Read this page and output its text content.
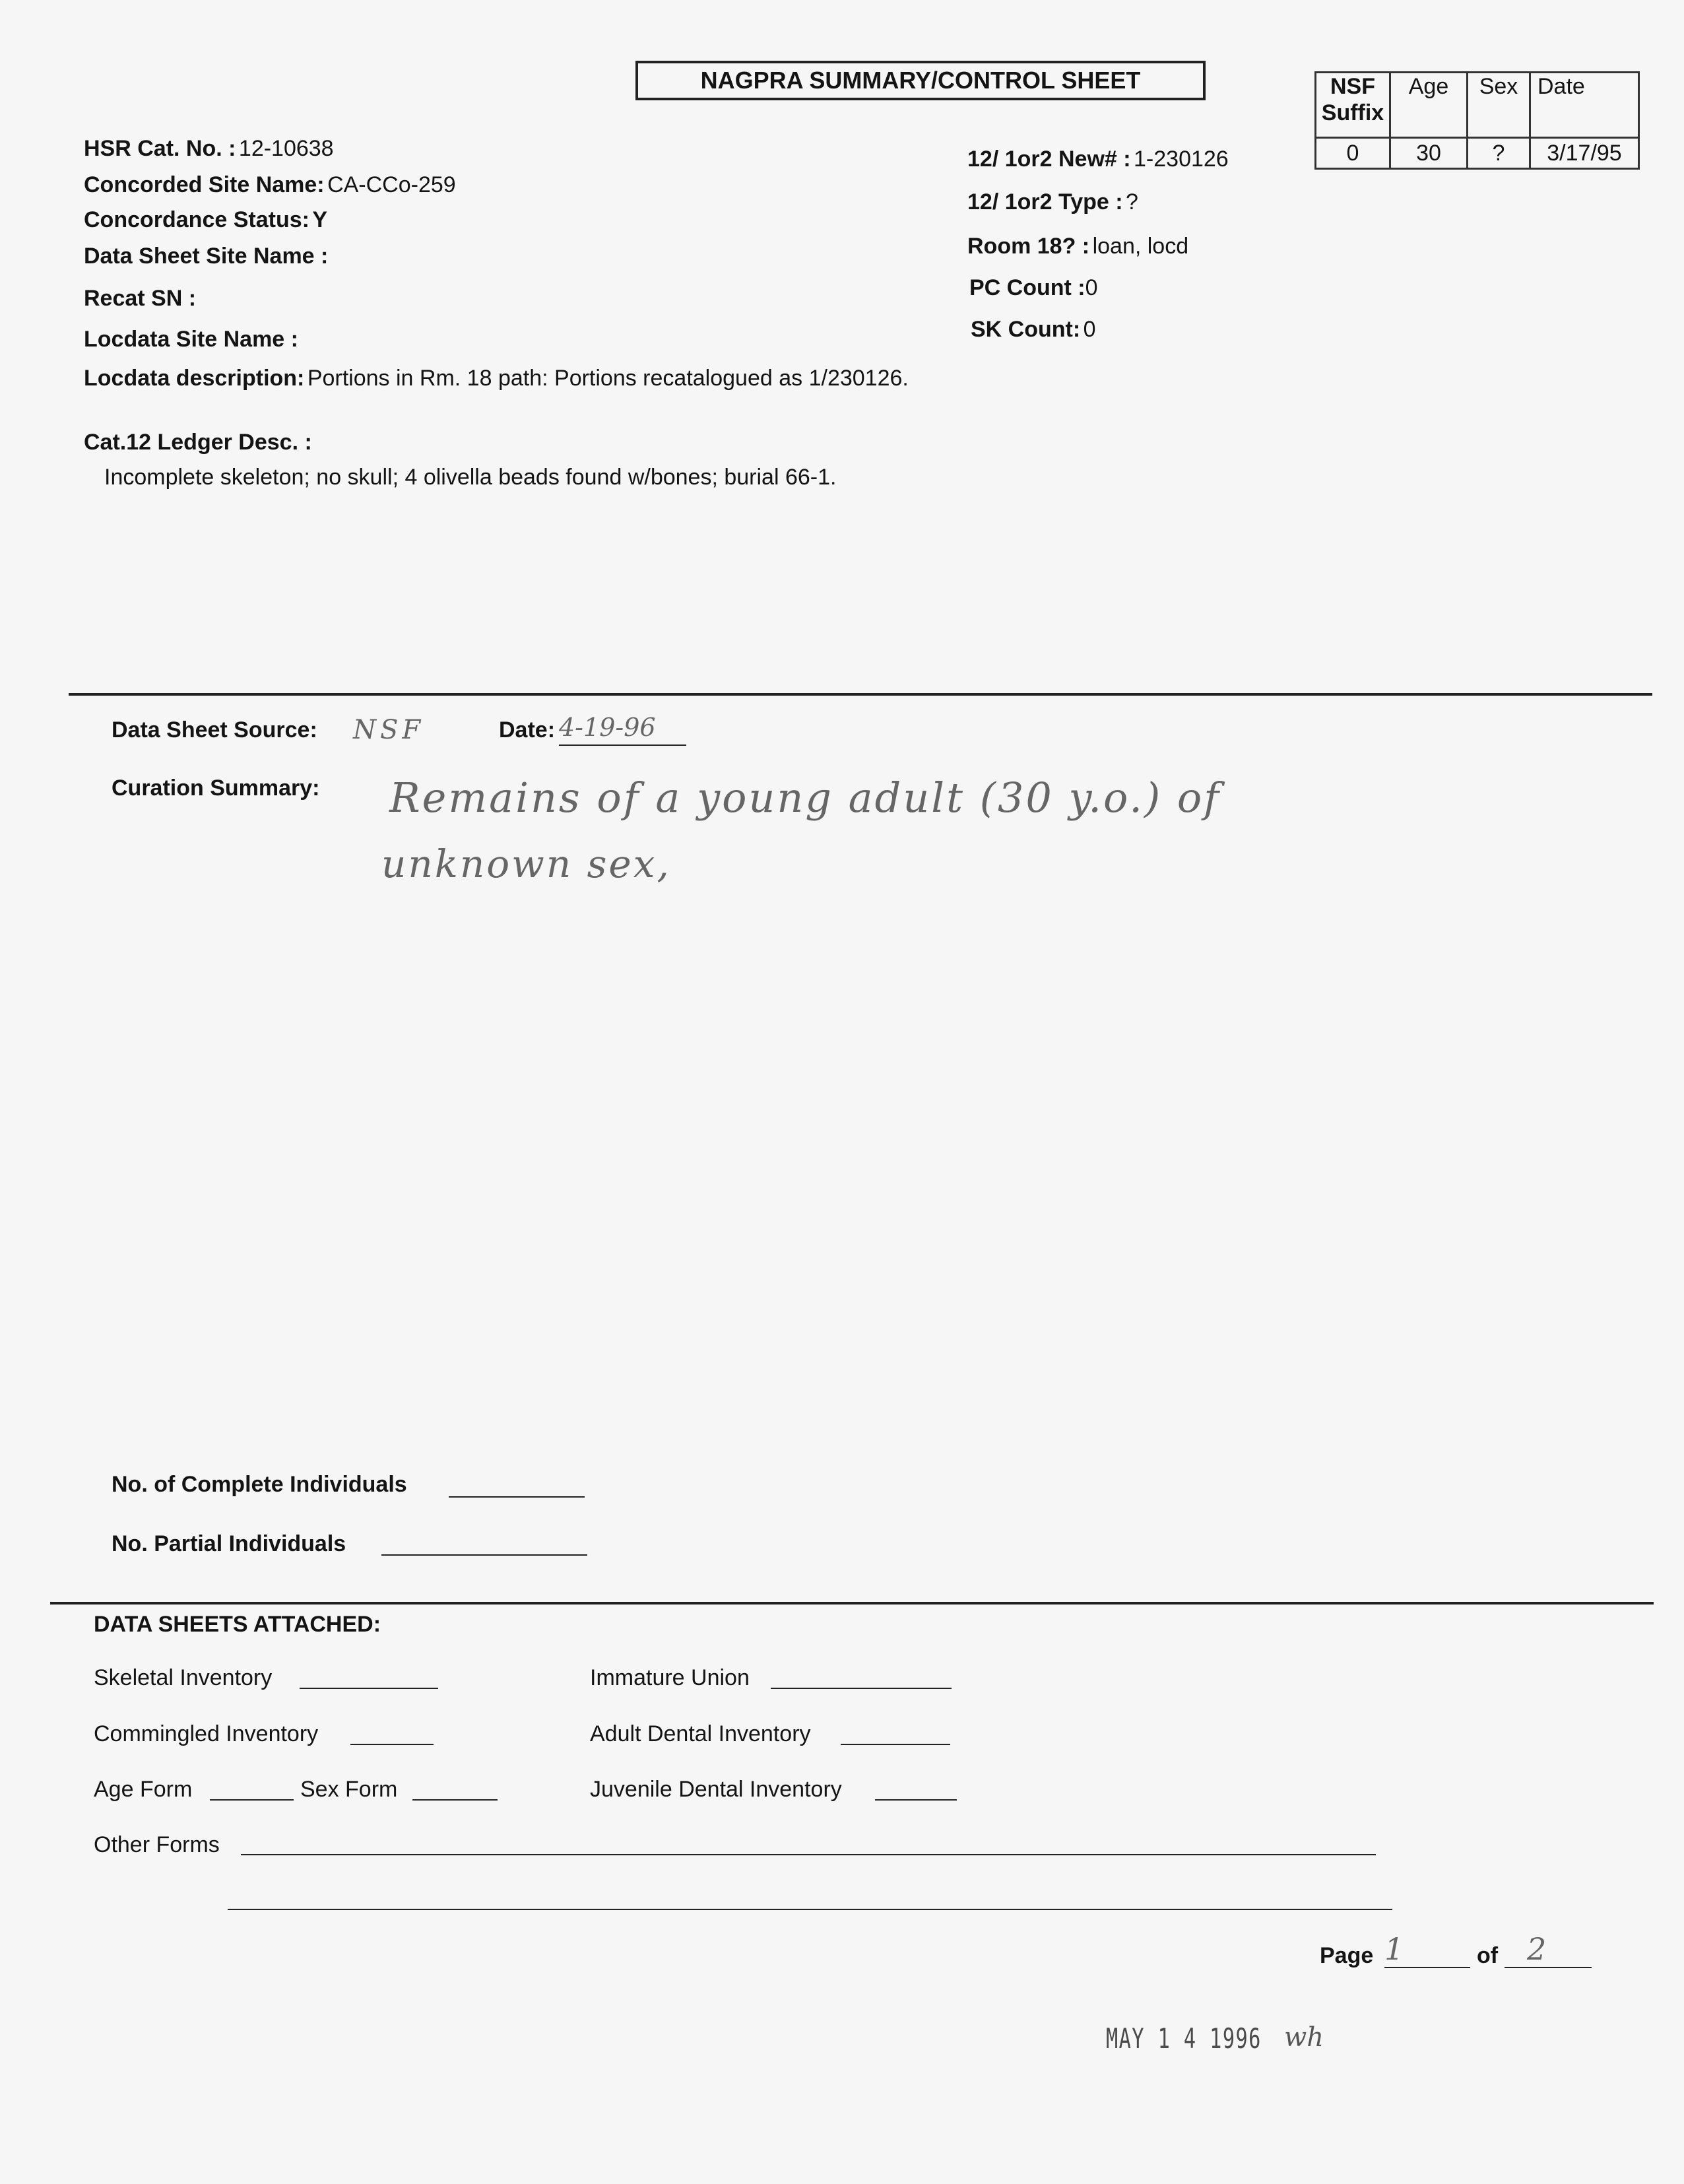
NAGPRA SUMMARY/CONTROL SHEET	NSF Suffix	Age	Sex	Date
0	30	?	3/17/95
HSR Cat. No. : 12-10638
Concorded Site Name: CA-CCo-259
Concordance Status: Y
Data Sheet Site Name :
Recat SN :
Locdata Site Name :
Locdata description: Portions in Rm. 18 path: Portions recatalogued as 1/230126.
Cat.12 Ledger Desc. :
Incomplete skeleton; no skull; 4 olivella beads found w/bones; burial 66-1.
12/ 1or2 New# : 1-230126
12/ 1or2 Type : ?
Room 18? : loan, locd
PC Count :0
SK Count: 0
Data Sheet Source: NSF	Date: 4-19-96
Curation Summary: Remains of a young adult (30 y.o.) of
unknown sex,
No. of Complete Individuals
No. Partial Individuals
DATA SHEETS ATTACHED:
Skeletal Inventory
Commingled Inventory
Age Form	Sex Form
Other Forms
Immature Union
Adult Dental Inventory
Juvenile Dental Inventory
Page 1	of 2
MAY 1 4 1996 wh
